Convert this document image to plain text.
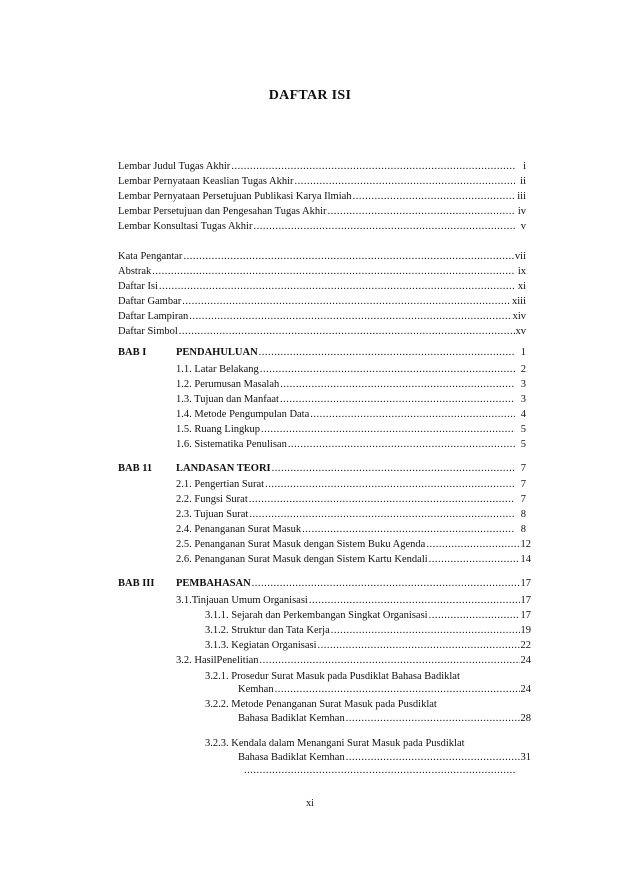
DAFTAR ISI
Lembar Judul Tugas Akhir .....	i
Lembar Pernyataan Keaslian Tugas Akhir .....	ii
Lembar Pernyataan Persetujuan Publikasi Karya Ilmiah .....	iii
Lembar Persetujuan dan Pengesahan Tugas Akhir .....	iv
Lembar Konsultasi Tugas Akhir .....	v
Kata Pengantar .....	vii
Abstrak .....	ix
Daftar Isi .....	xi
Daftar Gambar .....	xiii
Daftar Lampiran .....	xiv
Daftar Simbol .....	xv
BAB I	PENDAHULUAN .....	1
1.1. Latar Belakang .....	2
1.2. Perumusan Masalah .....	3
1.3. Tujuan dan Manfaat .....	3
1.4. Metode Pengumpulan Data .....	4
1.5. Ruang Lingkup .....	5
1.6. Sistematika Penulisan .....	5
BAB 11	LANDASAN TEORI .....	7
2.1. Pengertian Surat .....	7
2.2. Fungsi Surat .....	7
2.3. Tujuan Surat .....	8
2.4. Penanganan Surat Masuk .....	8
2.5. Penanganan Surat Masuk dengan Sistem Buku Agenda .....	12
2.6. Penanganan Surat Masuk dengan Sistem Kartu Kendali .....	14
BAB III	PEMBAHASAN .....	17
3.1.Tinjauan Umum Organisasi .....	17
3.1.1. Sejarah dan Perkembangan Singkat Organisasi .....	17
3.1.2. Struktur dan Tata Kerja .....	19
3.1.3. Kegiatan Organisasi .....	22
3.2. HasilPenelitian .....	24
3.2.1. Prosedur Surat Masuk pada Pusdiklat Bahasa Badiklat
Kemhan .....	24
3.2.2. Metode Penanganan Surat Masuk pada Pusdiklat
Bahasa Badiklat Kemhan .....	28
3.2.3. Kendala dalam Menangani Surat Masuk pada Pusdiklat
Bahasa Badiklat Kemhan .....	31
.....
xi
